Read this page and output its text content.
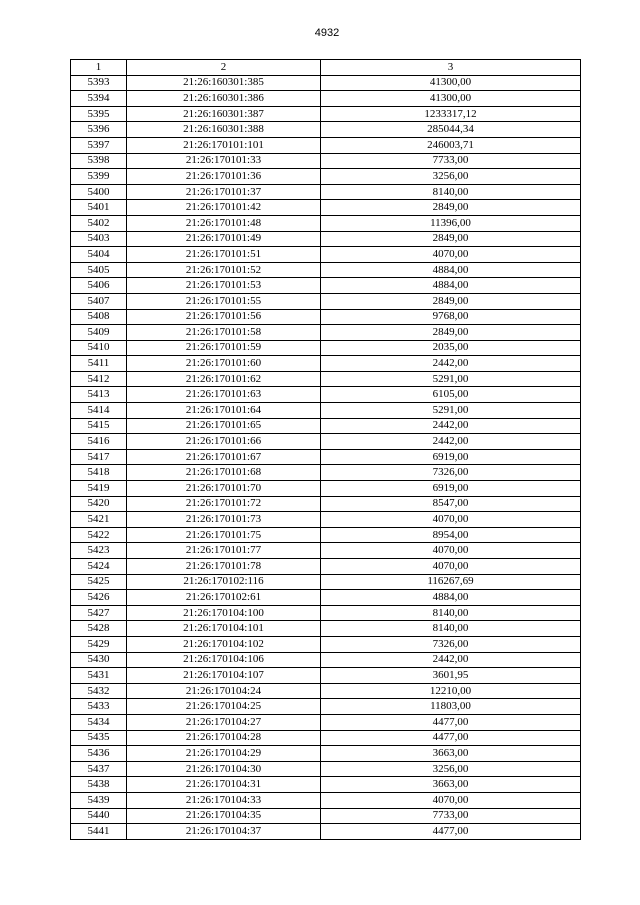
4932
1	2	3
5393	21:26:160301:385	41300,00
5394	21:26:160301:386	41300,00
5395	21:26:160301:387	1233317,12
5396	21:26:160301:388	285044,34
5397	21:26:170101:101	246003,71
5398	21:26:170101:33	7733,00
5399	21:26:170101:36	3256,00
5400	21:26:170101:37	8140,00
5401	21:26:170101:42	2849,00
5402	21:26:170101:48	11396,00
5403	21:26:170101:49	2849,00
5404	21:26:170101:51	4070,00
5405	21:26:170101:52	4884,00
5406	21:26:170101:53	4884,00
5407	21:26:170101:55	2849,00
5408	21:26:170101:56	9768,00
5409	21:26:170101:58	2849,00
5410	21:26:170101:59	2035,00
5411	21:26:170101:60	2442,00
5412	21:26:170101:62	5291,00
5413	21:26:170101:63	6105,00
5414	21:26:170101:64	5291,00
5415	21:26:170101:65	2442,00
5416	21:26:170101:66	2442,00
5417	21:26:170101:67	6919,00
5418	21:26:170101:68	7326,00
5419	21:26:170101:70	6919,00
5420	21:26:170101:72	8547,00
5421	21:26:170101:73	4070,00
5422	21:26:170101:75	8954,00
5423	21:26:170101:77	4070,00
5424	21:26:170101:78	4070,00
5425	21:26:170102:116	116267,69
5426	21:26:170102:61	4884,00
5427	21:26:170104:100	8140,00
5428	21:26:170104:101	8140,00
5429	21:26:170104:102	7326,00
5430	21:26:170104:106	2442,00
5431	21:26:170104:107	3601,95
5432	21:26:170104:24	12210,00
5433	21:26:170104:25	11803,00
5434	21:26:170104:27	4477,00
5435	21:26:170104:28	4477,00
5436	21:26:170104:29	3663,00
5437	21:26:170104:30	3256,00
5438	21:26:170104:31	3663,00
5439	21:26:170104:33	4070,00
5440	21:26:170104:35	7733,00
5441	21:26:170104:37	4477,00
